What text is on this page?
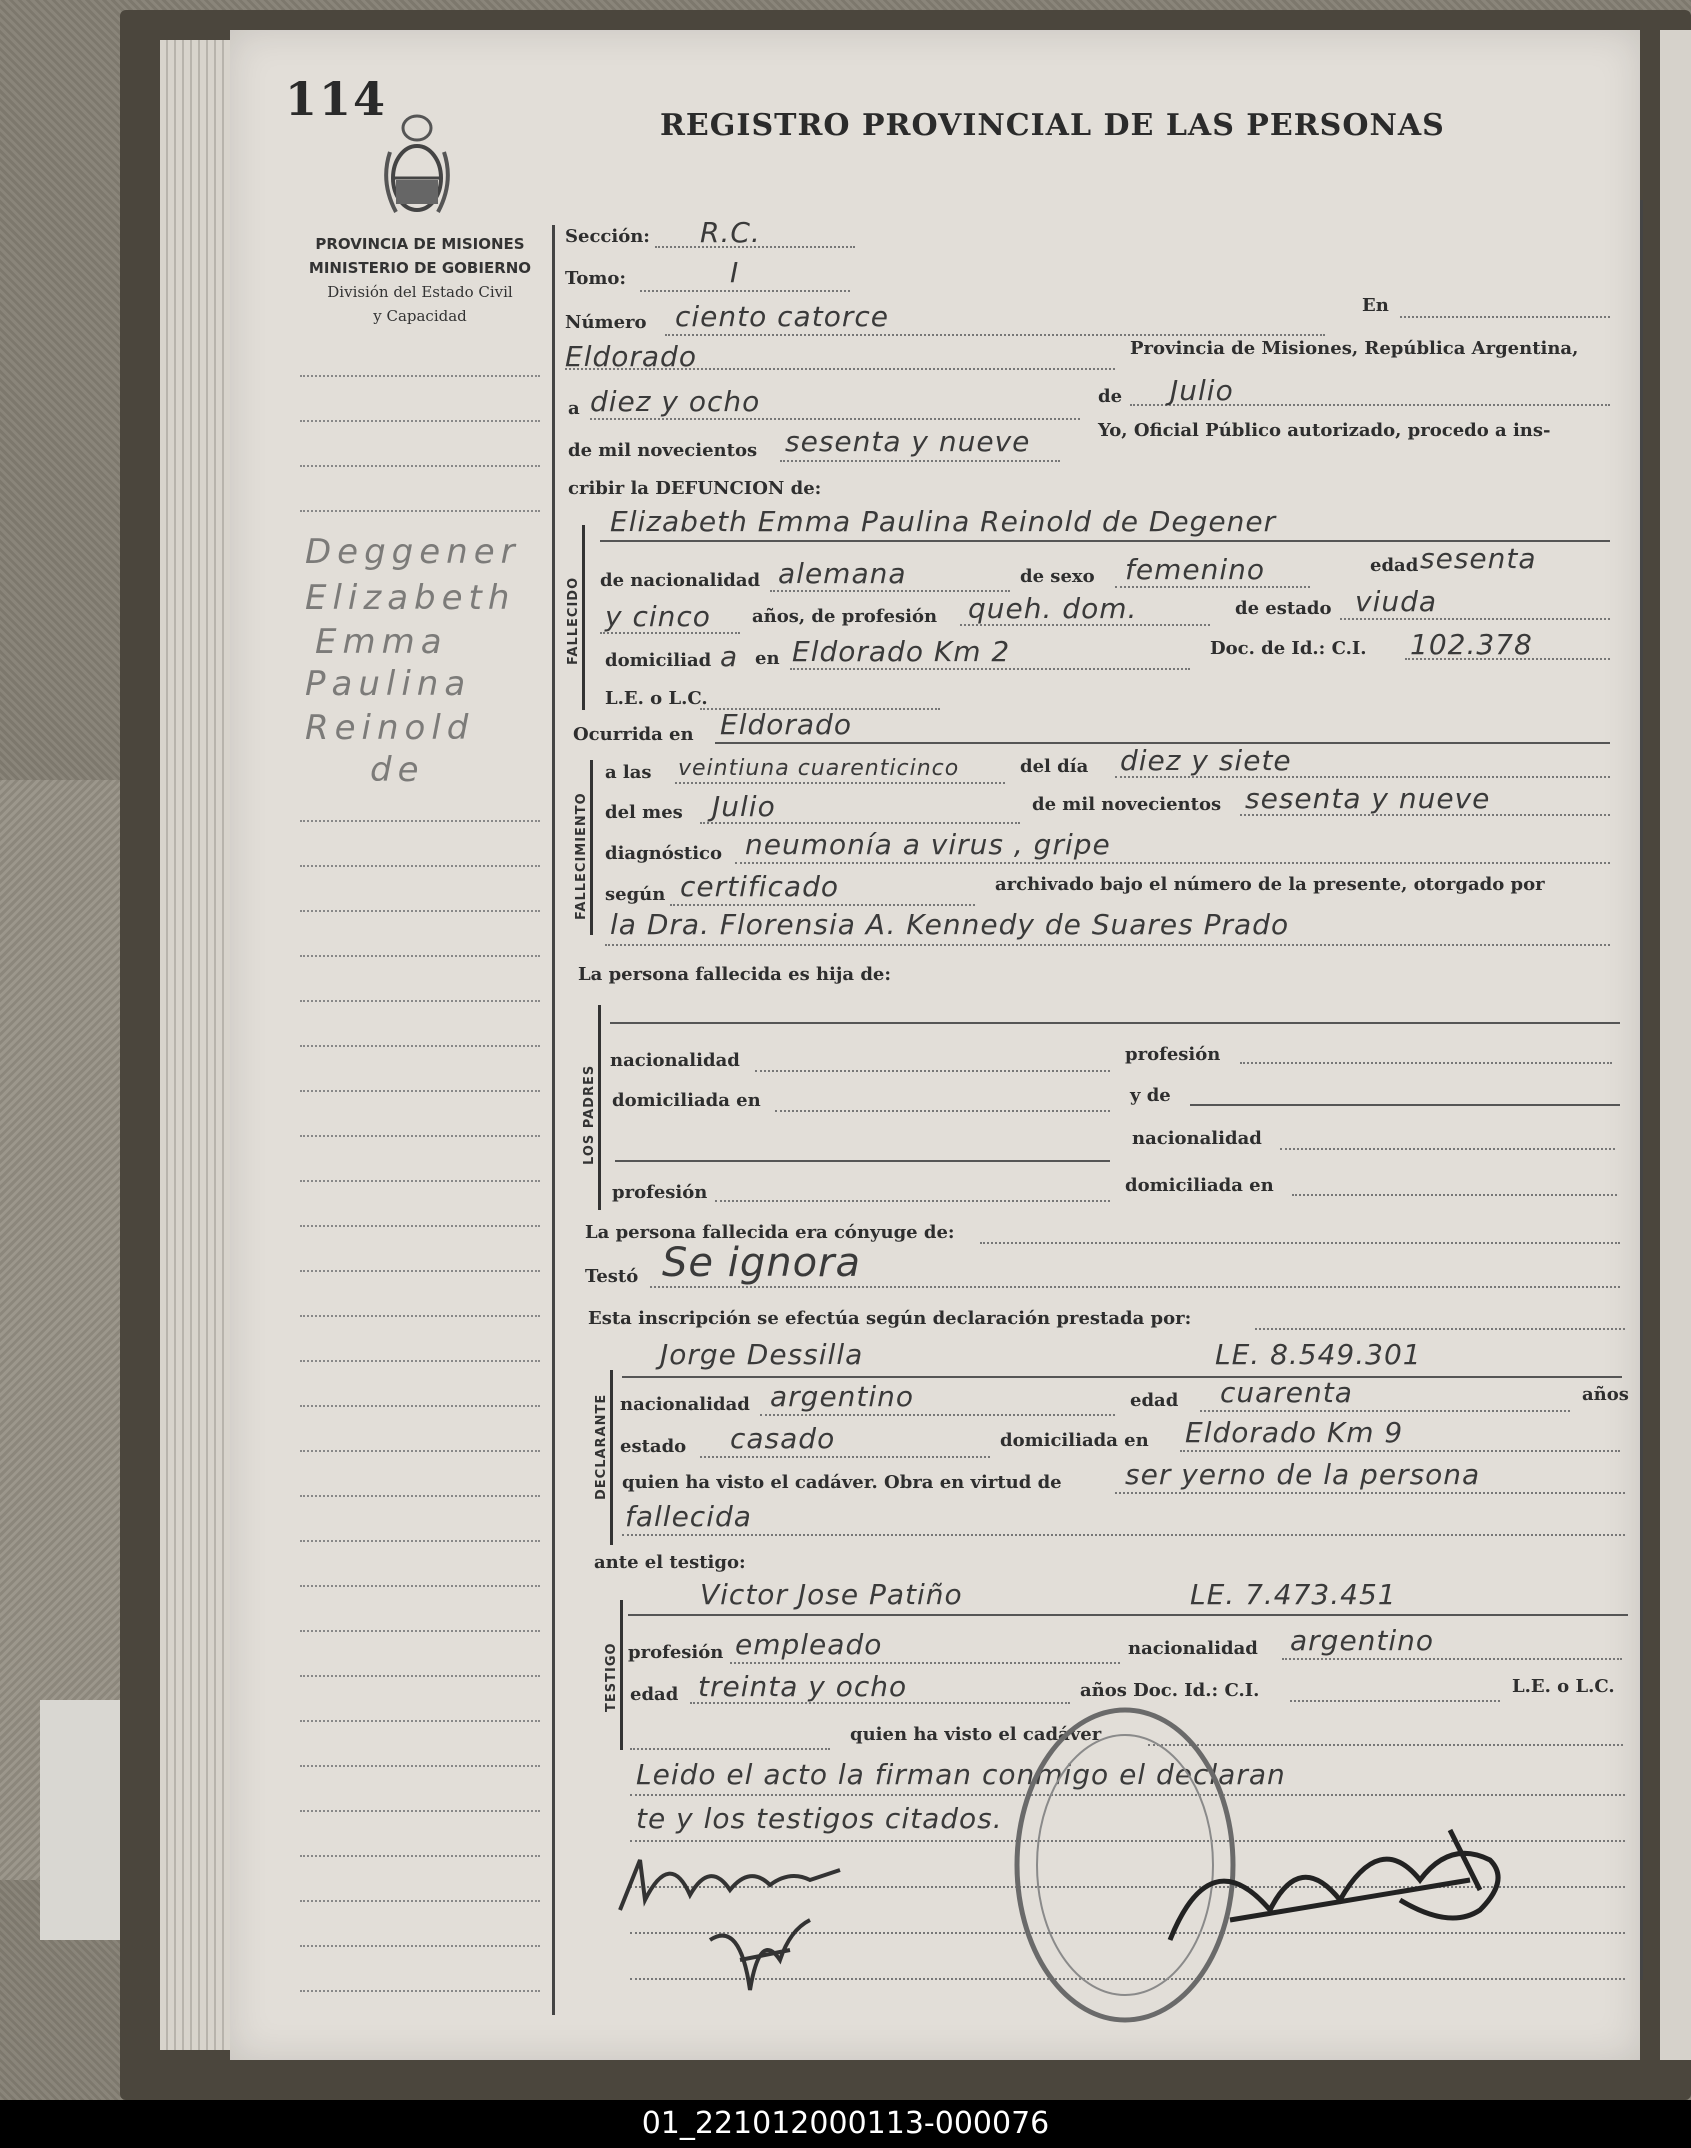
114	REGISTRO PROVINCIAL DE LAS PERSONAS
PROVINCIA DE MISIONES
MINISTERIO DE GOBIERNO
División del Estado Civil
y Capacidad
Deggener
Elizabeth
Emma
Paulina
Reinold
de
FALLECIDO
FALLECIMIENTO
LOS PADRES
DECLARANTE
TESTIGO
Sección: R.C.
Tomo:	I
Número ciento catorce	En
Eldorado	Provincia de Misiones, República Argentina,
a diez y ocho	de Julio
de mil novecientos sesenta y nueve	Yo, Oficial Público autorizado, procedo a ins-
cribir la DEFUNCION de:
Elizabeth Emma Paulina Reinold de Degener
de nacionalidad alemana	de sexo femenino	edad sesenta
y cinco años, de profesión queh. dom.	de estado viuda
domiciliad a en Eldorado Km 2	Doc. de Id.: C.I. 102.378
L.E. o L.C.
Ocurrida en Eldorado
a las veintiuna cuarenticinco	del día diez y siete
del mes Julio	de mil novecientos sesenta y nueve
diagnóstico neumonía a virus , gripe
según certificado	archivado bajo el número de la presente, otorgado por
la Dra. Florensia A. Kennedy de Suares Prado
La persona fallecida es hija de:
nacionalidad	profesión
domiciliada en	y de
nacionalidad
profesión	domiciliada en
La persona fallecida era cónyuge de:
Testó Se ignora
Esta inscripción se efectúa según declaración prestada por:
Jorge Dessilla	LE. 8.549.301
nacionalidad argentino	edad cuarenta	años
estado casado	domiciliada en Eldorado Km 9
quien ha visto el cadáver. Obra en virtud de ser yerno de la persona
fallecida
ante el testigo:
Victor Jose Patiño	LE. 7.473.451
profesión empleado	nacionalidad argentino
edad treinta y ocho	años Doc. Id.: C.I.	L.E. o L.C.
quien ha visto el cadáver
Leido el acto la firman conmigo el declaran
te y los testigos citados.
01_221012000113-000076
